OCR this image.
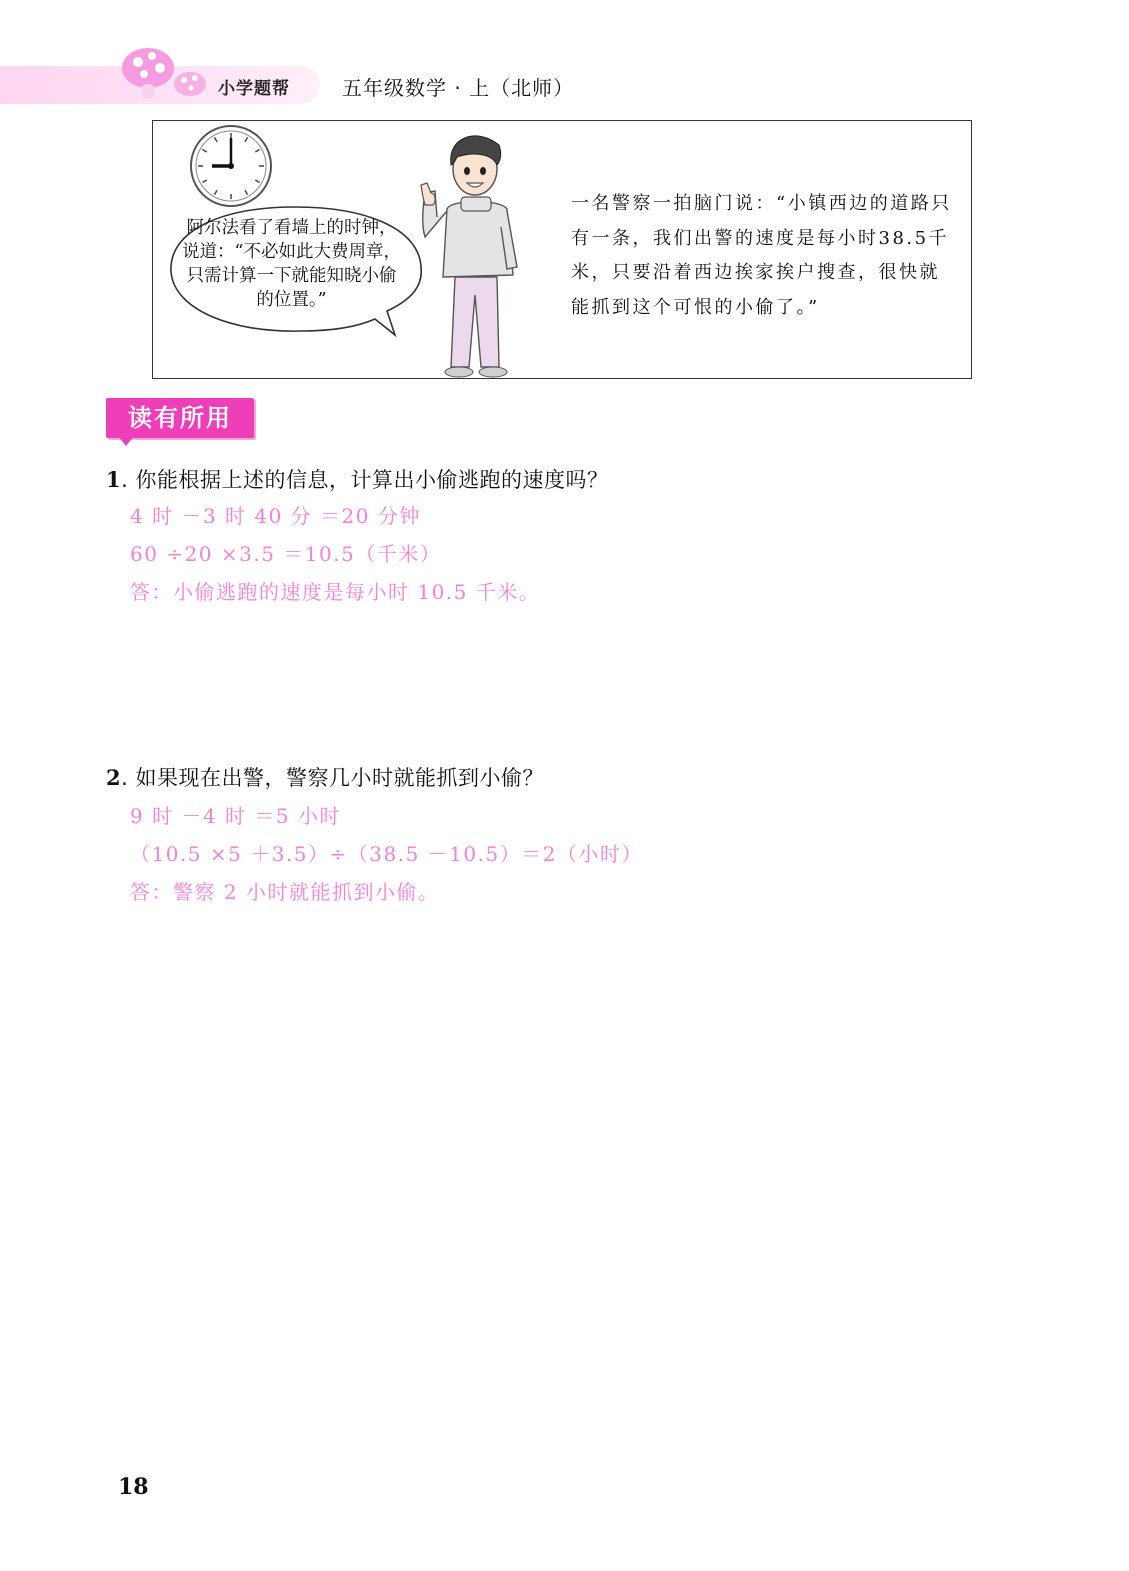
小学题帮	五年级数学 · 上（北师）
阿尔法看了看墙上的时钟，说道：“不必如此大费周章，只需计算一下就能知晓小偷的位置。”
一名警察一拍脑门说：“小镇西边的道路只有一条，我们出警的速度是每小时38.5千米，只要沿着西边挨家挨户搜查，很快就能抓到这个可恨的小偷了。”
读有所用
1. 你能根据上述的信息，计算出小偷逃跑的速度吗？
4 时 －3 时 40 分 ＝20 分钟
60 ÷20 ×3.5 ＝10.5（千米）
答：小偷逃跑的速度是每小时 10.5 千米。
2. 如果现在出警，警察几小时就能抓到小偷？
9 时 －4 时 ＝5 小时
（10.5 ×5 ＋3.5）÷（38.5 －10.5）＝2（小时）
答：警察 2 小时就能抓到小偷。
18
